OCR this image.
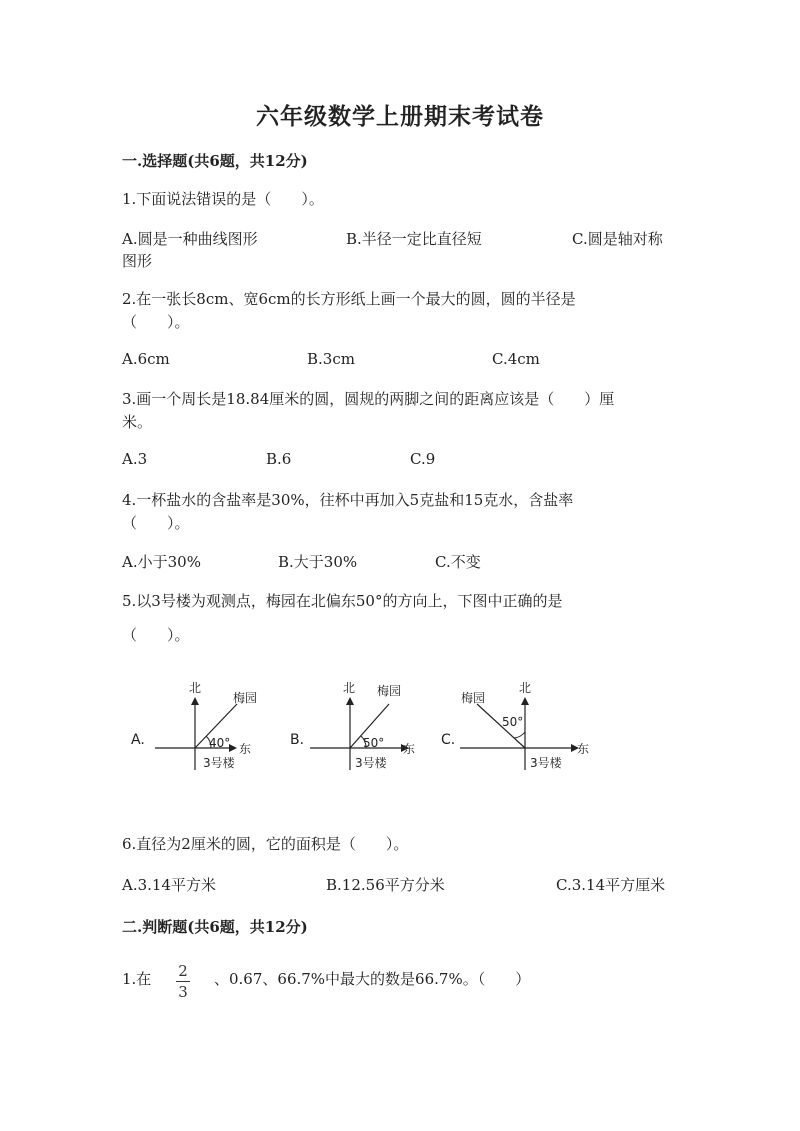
六年级数学上册期末考试卷
一.选择题(共6题，共12分)
1.下面说法错误的是（　　）。
A.圆是一种曲线图形	B.半径一定比直径短	C.圆是轴对称
图形
2.在一张长8cm、宽6cm的长方形纸上画一个最大的圆，圆的半径是
（　　）。
A.6cm	B.3cm	C.4cm
3.画一个周长是18.84厘米的圆，圆规的两脚之间的距离应该是（　　）厘
米。
A.3	B.6	C.9
4.一杯盐水的含盐率是30%，往杯中再加入5克盐和15克水，含盐率
（　　）。
A.小于30%	B.大于30%	C.不变
5.以3号楼为观测点，梅园在北偏东50°的方向上，下图中正确的是
（　　）。
A.
北
梅园
40° 东
3号楼
B.
北 梅园
50° 东
3号楼
C.
北
梅园
50°
东
3号楼
6.直径为2厘米的圆，它的面积是（　　）。
A.3.14平方米	B.12.56平方分米	C.3.14平方厘米
二.判断题(共6题，共12分)
1.在	2
3
、0.67、66.7%中最大的数是66.7%。（　　）
